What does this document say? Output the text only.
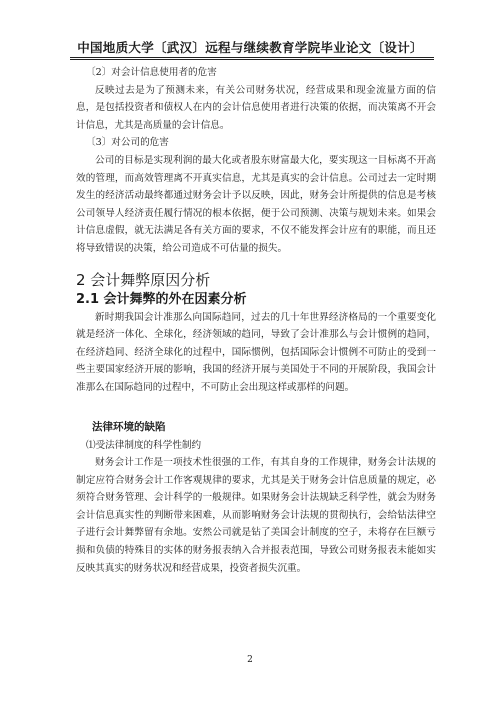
中国地质大学〔武汉〕远程与继续教育学院毕业论文〔设计〕

〔2〕对会计信息使用者的危害

反映过去是为了预测未来，有关公司财务状况，经营成果和现金流量方面的信息，是包括投资者和债权人在内的会计信息使用者进行决策的依据，而决策离不开会计信息，尤其是高质量的会计信息。

〔3〕对公司的危害

公司的目标是实现利润的最大化或者股东财富最大化，要实现这一目标离不开高效的管理，而高效管理离不开真实信息，尤其是真实的会计信息。公司过去一定时期发生的经济活动最终都通过财务会计予以反映，因此，财务会计所提供的信息是考核公司领导人经济责任履行情况的根本依据，便于公司预测、决策与规划未来。如果会计信息虚假，就无法满足各有关方面的要求，不仅不能发挥会计应有的职能，而且还将导致错误的决策，给公司造成不可估量的损失。

2 会计舞弊原因分析
2.1 会计舞弊的外在因素分析

新时期我国会计准那么向国际趋同，过去的几十年世界经济格局的一个重要变化就是经济一体化、全球化，经济领域的趋同，导致了会计准那么与会计惯例的趋同，在经济趋同、经济全球化的过程中，国际惯例，包括国际会计惯例不可防止的受到一些主要国家经济开展的影响，我国的经济开展与美国处于不同的开展阶段，我国会计准那么在国际趋同的过程中，不可防止会出现这样或那样的问题。

法律环境的缺陷

⑴受法律制度的科学性制约

财务会计工作是一项技术性很强的工作，有其自身的工作规律，财务会计法规的制定应符合财务会计工作客观规律的要求，尤其是关于财务会计信息质量的规定，必须符合财务管理、会计科学的一般规律。如果财务会计法规缺乏科学性，就会为财务会计信息真实性的判断带来困难，从而影响财务会计法规的贯彻执行，会给钻法律空子进行会计舞弊留有余地。安然公司就是钻了美国会计制度的空子，未将存在巨额亏损和负债的特殊目的实体的财务报表纳入合并报表范围，导致公司财务报表未能如实反映其真实的财务状况和经营成果，投资者损失沉重。

2
